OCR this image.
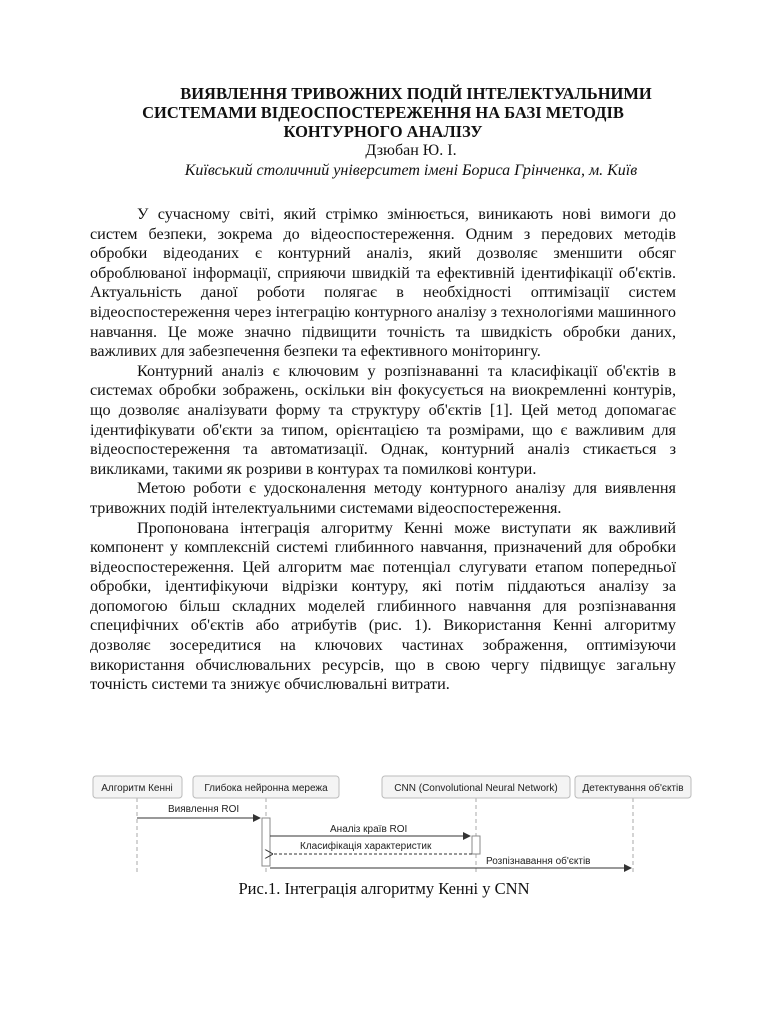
ВИЯВЛЕННЯ ТРИВОЖНИХ ПОДІЙ ІНТЕЛЕКТУАЛЬНИМИ
СИСТЕМАМИ ВІДЕОСПОСТЕРЕЖЕННЯ НА БАЗІ МЕТОДІВ
КОНТУРНОГО АНАЛІЗУ

Дзюбан Ю. І.

Київський столичний університет імені Бориса Грінченка, м. Київ

У сучасному світі, який стрімко змінюється, виникають нові вимоги до систем безпеки, зокрема до відеоспостереження. Одним з передових методів обробки відеоданих є контурний аналіз, який дозволяє зменшити обсяг оброблюваної інформації, сприяючи швидкій та ефективній ідентифікації об'єктів. Актуальність даної роботи полягає в необхідності оптимізації систем відеоспостереження через інтеграцію контурного аналізу з технологіями машинного навчання. Це може значно підвищити точність та швидкість обробки даних, важливих для забезпечення безпеки та ефективного моніторингу.

Контурний аналіз є ключовим у розпізнаванні та класифікації об'єктів в системах обробки зображень, оскільки він фокусується на виокремленні контурів, що дозволяє аналізувати форму та структуру об'єктів [1]. Цей метод допомагає ідентифікувати об'єкти за типом, орієнтацією та розмірами, що є важливим для відеоспостереження та автоматизації. Однак, контурний аналіз стикається з викликами, такими як розриви в контурах та помилкові контури.

Метою роботи є удосконалення методу контурного аналізу для виявлення тривожних подій інтелектуальними системами відеоспостереження.

Пропонована інтеграція алгоритму Кенні може виступати як важливий компонент у комплексній системі глибинного навчання, призначений для обробки відеоспостереження. Цей алгоритм має потенціал слугувати етапом попередньої обробки, ідентифікуючи відрізки контуру, які потім піддаються аналізу за допомогою більш складних моделей глибинного навчання для розпізнавання специфічних об'єктів або атрибутів (рис. 1). Використання Кенні алгоритму дозволяє зосередитися на ключових частинах зображення, оптимізуючи використання обчислювальних ресурсів, що в свою чергу підвищує загальну точність системи та знижує обчислювальні витрати.

Алгоритм Кенні	Глибока нейронна мережа	CNN (Convolutional Neural Network) Детектування об'єктів
Виявлення ROI
Аналіз країв ROI
Класифікація характеристик
Розпізнавання об'єктів
Рис.1. Інтеграція алгоритму Кенні у CNN
